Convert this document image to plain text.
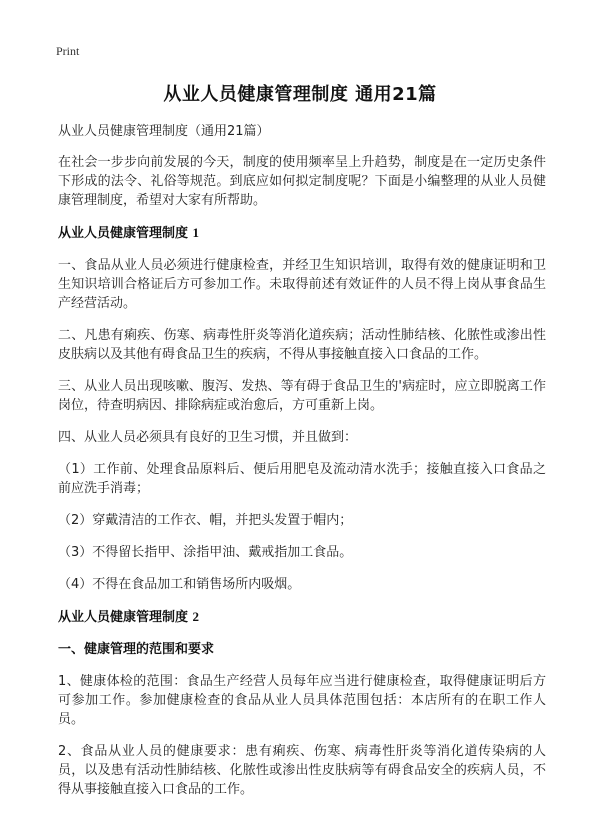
Print
从业人员健康管理制度 通用21篇
从业人员健康管理制度（通用21篇）
在社会一步步向前发展的今天，制度的使用频率呈上升趋势，制度是在一定历史条件下形成的法令、礼俗等规范。到底应如何拟定制度呢？下面是小编整理的从业人员健康管理制度，希望对大家有所帮助。
从业人员健康管理制度 1
一、食品从业人员必须进行健康检查，并经卫生知识培训，取得有效的健康证明和卫生知识培训合格证后方可参加工作。未取得前述有效证件的人员不得上岗从事食品生产经营活动。
二、凡患有痢疾、伤寒、病毒性肝炎等消化道疾病；活动性肺结核、化脓性或渗出性皮肤病以及其他有碍食品卫生的疾病，不得从事接触直接入口食品的工作。
三、从业人员出现咳嗽、腹泻、发热、等有碍于食品卫生的'病症时，应立即脱离工作岗位，待查明病因、排除病症或治愈后，方可重新上岗。
四、从业人员必须具有良好的卫生习惯，并且做到：
（1）工作前、处理食品原料后、便后用肥皂及流动清水洗手；接触直接入口食品之前应洗手消毒；
（2）穿戴清洁的工作衣、帽，并把头发置于帽内；
（3）不得留长指甲、涂指甲油、戴戒指加工食品。
（4）不得在食品加工和销售场所内吸烟。
从业人员健康管理制度 2
一、健康管理的范围和要求
1、健康体检的范围：食品生产经营人员每年应当进行健康检查，取得健康证明后方可参加工作。参加健康检查的食品从业人员具体范围包括：本店所有的在职工作人员。
2、食品从业人员的健康要求：患有痢疾、伤寒、病毒性肝炎等消化道传染病的人员，以及患有活动性肺结核、化脓性或渗出性皮肤病等有碍食品安全的疾病人员，不得从事接触直接入口食品的工作。
